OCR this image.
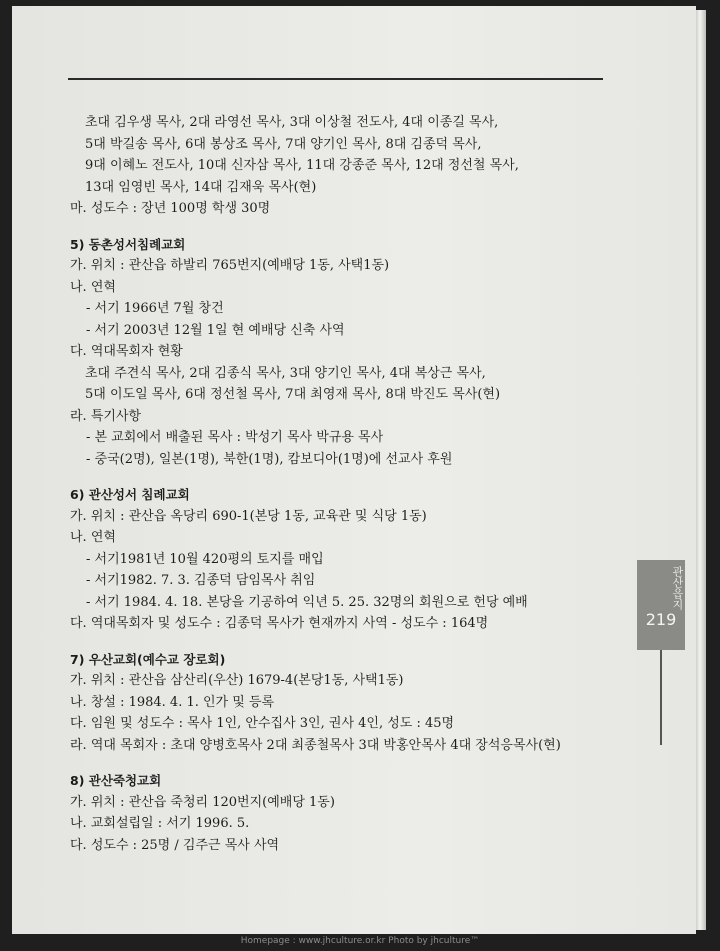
초대 김우생 목사, 2대 라영선 목사, 3대 이상철 전도사, 4대 이종길 목사,
5대 박길송 목사, 6대 봉상조 목사, 7대 양기인 목사, 8대 김종덕 목사,
9대 이혜노 전도사, 10대 신자삼 목사, 11대 강종준 목사, 12대 정선철 목사,
13대 임영빈 목사, 14대 김재욱 목사(현)
마. 성도수 : 장년 100명 학생 30명
5) 동촌성서침례교회
가. 위치 : 관산읍 하발리 765번지(예배당 1동, 사택1동)
나. 연혁
- 서기 1966년 7월 창건
- 서기 2003년 12월 1일 현 예배당 신축 사역
다. 역대목회자 현황
초대 주견식 목사, 2대 김종식 목사, 3대 양기인 목사, 4대 복상근 목사,
5대 이도일 목사, 6대 정선철 목사, 7대 최영재 목사, 8대 박진도 목사(현)
라. 특기사항
- 본 교회에서 배출된 목사 : 박성기 목사 박규용 목사
- 중국(2명), 일본(1명), 북한(1명), 캄보디아(1명)에 선교사 후원
6) 관산성서 침례교회
가. 위치 : 관산읍 옥당리 690-1(본당 1동, 교육관 및 식당 1동)
나. 연혁
- 서기1981년 10월 420평의 토지를 매입
- 서기1982. 7. 3. 김종덕 담임목사 취임
- 서기 1984. 4. 18. 본당을 기공하여 익년 5. 25. 32명의 회원으로 헌당 예배
다. 역대목회자 및 성도수 : 김종덕 목사가 현재까지 사역 - 성도수 : 164명
7) 우산교회(예수교 장로회)
가. 위치 : 관산읍 삼산리(우산) 1679-4(본당1동, 사택1동)
나. 창설 : 1984. 4. 1. 인가 및 등록
다. 임원 및 성도수 : 목사 1인, 안수집사 3인, 권사 4인, 성도 : 45명
라. 역대 목회자 : 초대 양병호목사 2대 최종철목사 3대 박홍안목사 4대 장석응목사(현)
8) 관산죽청교회
가. 위치 : 관산읍 죽청리 120번지(예배당 1동)
나. 교회설립일 : 서기 1996. 5.
다. 성도수 : 25명 / 김주근 목사 사역
관산읍지
219
Homepage : www.jhculture.or.kr Photo by jhculture™
